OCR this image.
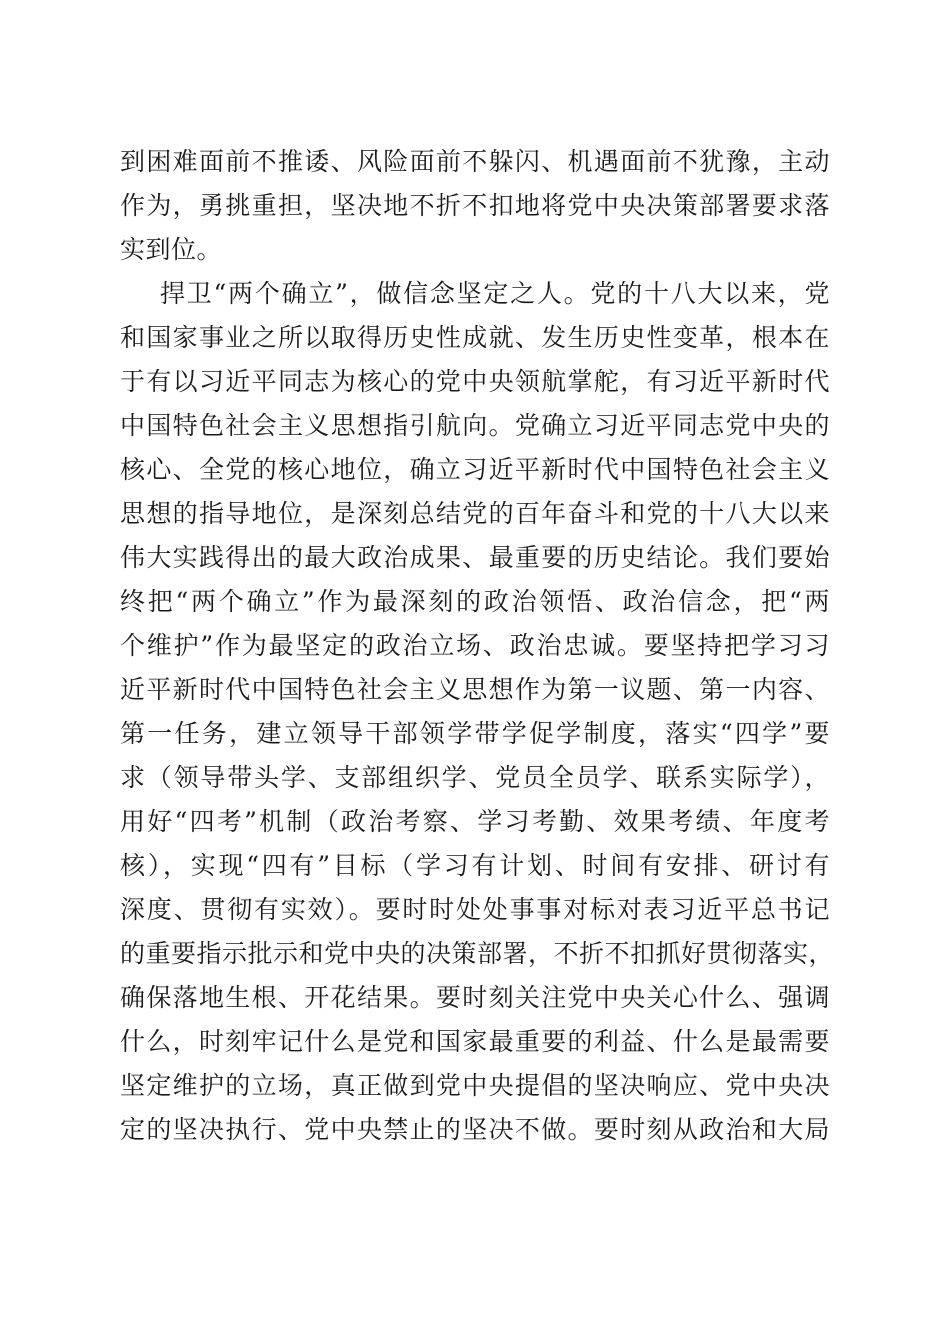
到困难面前不推诿、风险面前不躲闪、机遇面前不犹豫，主动
作为，勇挑重担，坚决地不折不扣地将党中央决策部署要求落
实到位。
捍卫“两个确立”，做信念坚定之人。党的十八大以来，党
和国家事业之所以取得历史性成就、发生历史性变革，根本在
于有以习近平同志为核心的党中央领航掌舵，有习近平新时代
中国特色社会主义思想指引航向。党确立习近平同志党中央的
核心、全党的核心地位，确立习近平新时代中国特色社会主义
思想的指导地位，是深刻总结党的百年奋斗和党的十八大以来
伟大实践得出的最大政治成果、最重要的历史结论。我们要始
终把“两个确立”作为最深刻的政治领悟、政治信念，把“两
个维护”作为最坚定的政治立场、政治忠诚。要坚持把学习习
近平新时代中国特色社会主义思想作为第一议题、第一内容、
第一任务，建立领导干部领学带学促学制度，落实“四学”要
求（领导带头学、支部组织学、党员全员学、联系实际学），
用好“四考”机制（政治考察、学习考勤、效果考绩、年度考
核），实现“四有”目标（学习有计划、时间有安排、研讨有
深度、贯彻有实效）。要时时处处事事对标对表习近平总书记
的重要指示批示和党中央的决策部署，不折不扣抓好贯彻落实，
确保落地生根、开花结果。要时刻关注党中央关心什么、强调
什么，时刻牢记什么是党和国家最重要的利益、什么是最需要
坚定维护的立场，真正做到党中央提倡的坚决响应、党中央决
定的坚决执行、党中央禁止的坚决不做。要时刻从政治和大局
